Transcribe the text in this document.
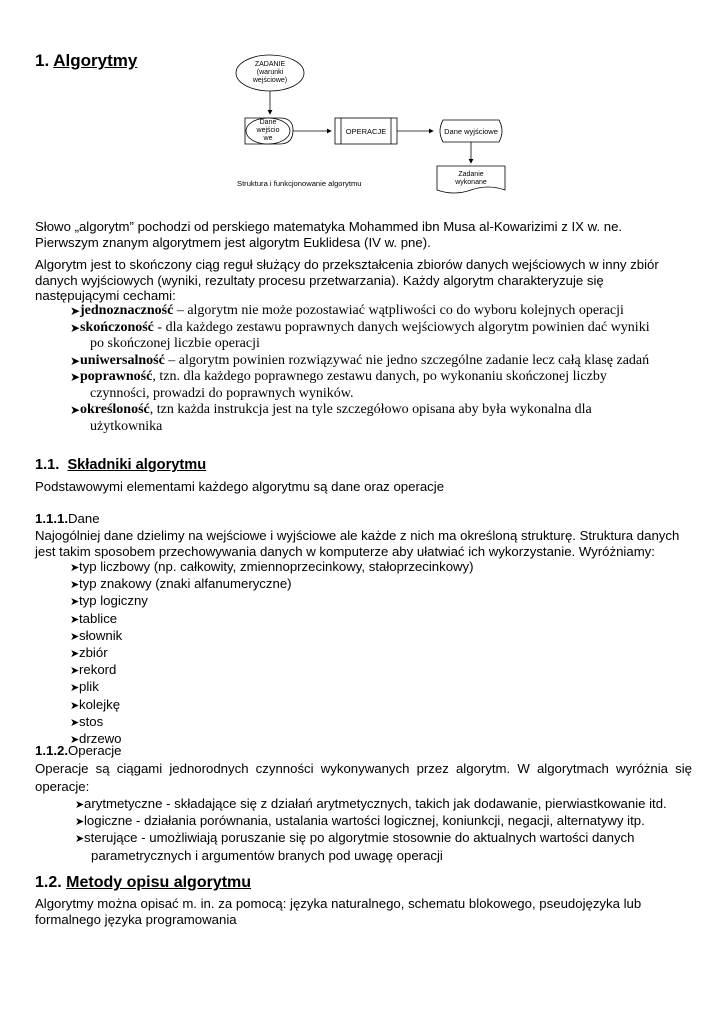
1. Algorytmy	ZADANIE
(warunki
wejściowe)
Dane
wejścio
we
OPERACJE	Dane wyjściowe
Zadanie
wykonane
Struktura i funkcjonowanie algorytmu
Słowo „algorytm” pochodzi od perskiego matematyka Mohammed ibn Musa al-Kowarizimi z IX w. ne.
Pierwszym znanym algorytmem jest algorytm Euklidesa (IV w. pne).
Algorytm jest to skończony ciąg reguł służący do przekształcenia zbiorów danych wejściowych w inny zbiór
danych wyjściowych (wyniki, rezultaty procesu przetwarzania). Każdy algorytm charakteryzuje się
następującymi cechami:
➤ jednoznaczność – algorytm nie może pozostawiać wątpliwości co do wyboru kolejnych operacji
➤ skończoność - dla każdego zestawu poprawnych danych wejściowych algorytm powinien dać wyniki
po skończonej liczbie operacji
➤ uniwersalność – algorytm powinien rozwiązywać nie jedno szczególne zadanie lecz całą klasę zadań
➤ poprawność, tzn. dla każdego poprawnego zestawu danych, po wykonaniu skończonej liczby
czynności, prowadzi do poprawnych wyników.
➤ określoność, tzn każda instrukcja jest na tyle szczegółowo opisana aby była wykonalna dla
użytkownika
1.1. Składniki algorytmu
Podstawowymi elementami każdego algorytmu są dane oraz operacje
1.1.1.Dane
Najogólniej dane dzielimy na wejściowe i wyjściowe ale każde z nich ma określoną strukturę. Struktura danych
jest takim sposobem przechowywania danych w komputerze aby ułatwiać ich wykorzystanie. Wyróżniamy:
➤typ liczbowy (np. całkowity, zmiennoprzecinkowy, stałoprzecinkowy)
➤typ znakowy (znaki alfanumeryczne)
➤typ logiczny
➤tablice
➤słownik
➤zbiór
➤rekord
➤plik
➤kolejkę
➤stos
➤drzewo
1.1.2.Operacje
Operacje są ciągami jednorodnych czynności wykonywanych przez algorytm. W algorytmach wyróżnia się
operacje:
➤arytmetyczne - składające się z działań arytmetycznych, takich jak dodawanie, pierwiastkowanie itd.
➤logiczne - działania porównania, ustalania wartości logicznej, koniunkcji, negacji, alternatywy itp.
➤sterujące - umożliwiają poruszanie się po algorytmie stosownie do aktualnych wartości danych
parametrycznych i argumentów branych pod uwagę operacji
1.2. Metody opisu algorytmu
Algorytmy można opisać m. in. za pomocą: języka naturalnego, schematu blokowego, pseudojęzyka lub
formalnego języka programowania
